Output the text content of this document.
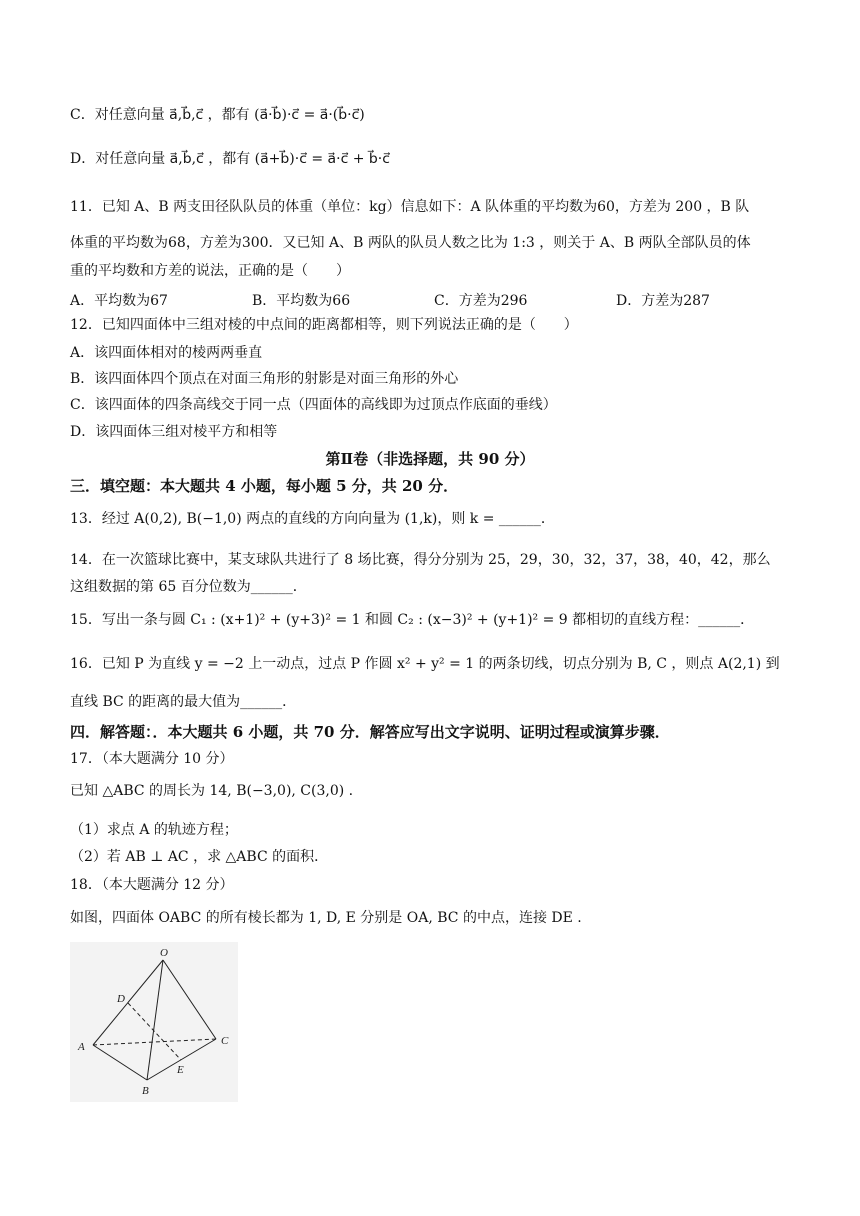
C．对任意向量 a⃗,b⃗,c⃗ ，都有 (a⃗·b⃗)·c⃗ = a⃗·(b⃗·c⃗)
D．对任意向量 a⃗,b⃗,c⃗ ，都有 (a⃗+b⃗)·c⃗ = a⃗·c⃗ + b⃗·c⃗
11．已知 A、B 两支田径队队员的体重（单位：kg）信息如下：A 队体重的平均数为60，方差为 200 ，B 队
体重的平均数为68，方差为300．又已知 A、B 两队的队员人数之比为 1:3 ，则关于 A、B 两队全部队员的体
重的平均数和方差的说法，正确的是（　　）
A．平均数为67	B．平均数为66	C．方差为296	D．方差为287
12．已知四面体中三组对棱的中点间的距离都相等，则下列说法正确的是（　　）
A．该四面体相对的棱两两垂直
B．该四面体四个顶点在对面三角形的射影是对面三角形的外心
C．该四面体的四条高线交于同一点（四面体的高线即为过顶点作底面的垂线）
D．该四面体三组对棱平方和相等
第Ⅱ卷（非选择题，共 90 分）
三．填空题：本大题共 4 小题，每小题 5 分，共 20 分．
13．经过 A(0,2), B(−1,0) 两点的直线的方向向量为 (1,k)，则 k = ______．
14．在一次篮球比赛中，某支球队共进行了 8 场比赛，得分分别为 25，29，30，32，37，38，40，42，那么
这组数据的第 65 百分位数为______．
15．写出一条与圆 C₁ : (x+1)² + (y+3)² = 1 和圆 C₂ : (x−3)² + (y+1)² = 9 都相切的直线方程：______．
16．已知 P 为直线 y = −2 上一动点，过点 P 作圆 x² + y² = 1 的两条切线，切点分别为 B, C ，则点 A(2,1) 到
直线 BC 的距离的最大值为______．
四．解答题：．本大题共 6 小题，共 70 分．解答应写出文字说明、证明过程或演算步骤．
17．（本大题满分 10 分）
已知 △ABC 的周长为 14, B(−3,0), C(3,0) .
（1）求点 A 的轨迹方程；
（2）若 AB ⊥ AC ，求 △ABC 的面积．
18．（本大题满分 12 分）
如图，四面体 OABC 的所有棱长都为 1, D, E 分别是 OA, BC 的中点，连接 DE .
O
D
A	C
E
B
